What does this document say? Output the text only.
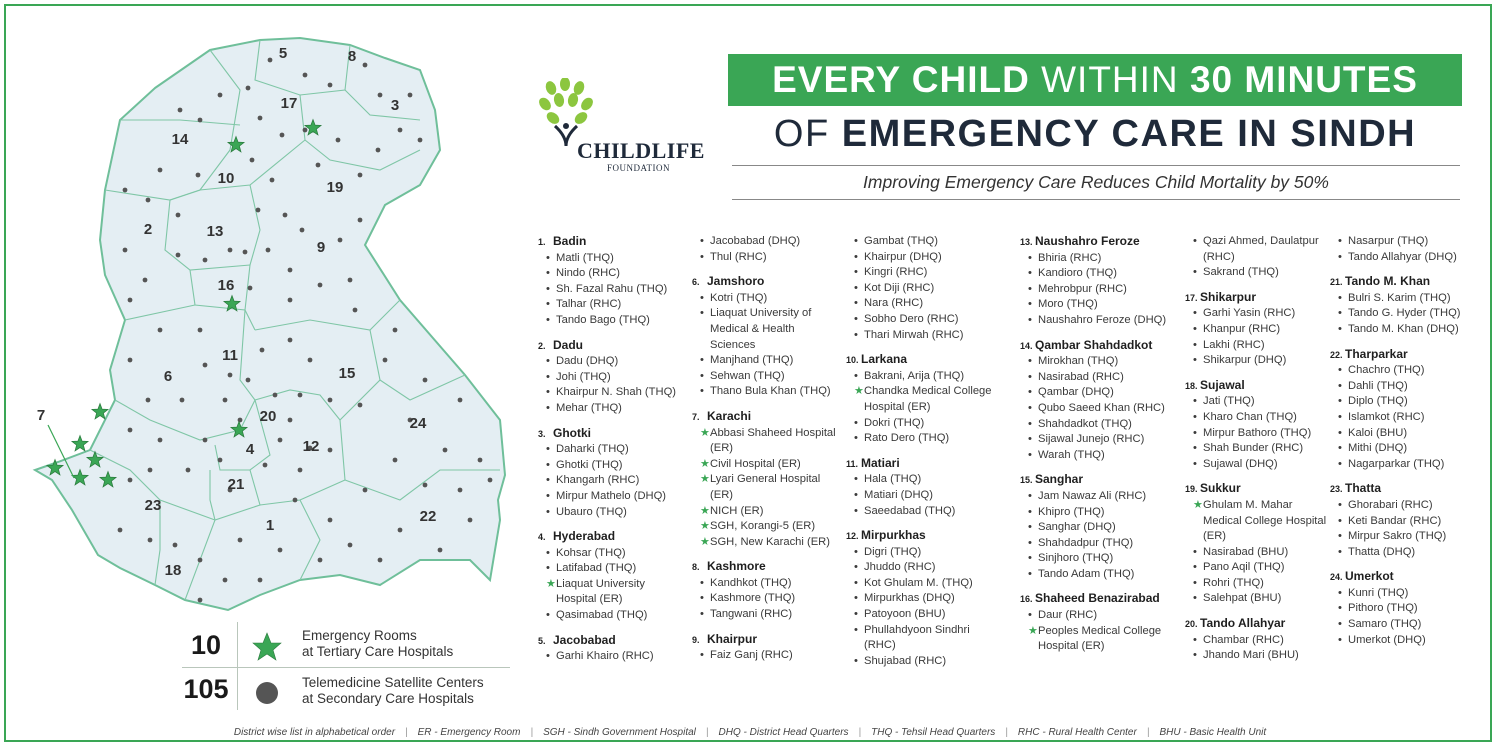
1
2
3
4
5
6
7
8
9
10
11
12
13
14
15
16
17
18
19
20
21
22
23
24
10	Emergency Rooms
at Tertiary Care Hospitals
105	Telemedicine Satellite Centers
at Secondary Care Hospitals
CHILDLIFE
FOUNDATION
EVERY CHILD WITHIN 30 MINUTES
OF EMERGENCY CARE IN SINDH
Improving Emergency Care Reduces Child Mortality by 50%
1. Badin
• Matli (THQ)
• Nindo (RHC)
• Sh. Fazal Rahu (THQ)
• Talhar (RHC)
• Tando Bago (THQ)
2. Dadu
• Dadu (DHQ)
• Johi (THQ)
• Khairpur N. Shah (THQ)
• Mehar (THQ)
3. Ghotki
• Daharki (THQ)
• Ghotki (THQ)
• Khangarh (RHC)
• Mirpur Mathelo (DHQ)
• Ubauro (THQ)
4. Hyderabad
• Kohsar (THQ)
• Latifabad (THQ)
★ Liaquat University Hospital (ER)
• Qasimabad (THQ)
5. Jacobabad
• Garhi Khairo (RHC)
• Jacobabad (DHQ)
• Thul (RHC)
6. Jamshoro
• Kotri (THQ)
• Liaquat University of Medical & Health Sciences
• Manjhand (THQ)
• Sehwan (THQ)
• Thano Bula Khan (THQ)
7. Karachi
★ Abbasi Shaheed Hospital (ER)
★ Civil Hospital (ER)
★ Lyari General Hospital (ER)
★ NICH (ER)
★ SGH, Korangi-5 (ER)
★ SGH, New Karachi (ER)
8. Kashmore
• Kandhkot (THQ)
• Kashmore (THQ)
• Tangwani (RHC)
9. Khairpur
• Faiz Ganj (RHC)
• Gambat (THQ)
• Khairpur (DHQ)
• Kingri (RHC)
• Kot Diji (RHC)
• Nara (RHC)
• Sobho Dero (RHC)
• Thari Mirwah (RHC)
10. Larkana
• Bakrani, Arija (THQ)
★ Chandka Medical College Hospital (ER)
• Dokri (THQ)
• Rato Dero (THQ)
11. Matiari
• Hala (THQ)
• Matiari (DHQ)
• Saeedabad (THQ)
12. Mirpurkhas
• Digri (THQ)
• Jhuddo (RHC)
• Kot Ghulam M. (THQ)
• Mirpurkhas (DHQ)
• Patoyoon (BHU)
• Phullahdyoon Sindhri (RHC)
• Shujabad (RHC)
13. Naushahro Feroze
• Bhiria (RHC)
• Kandioro (THQ)
• Mehrobpur (RHC)
• Moro (THQ)
• Naushahro Feroze (DHQ)
14. Qambar Shahdadkot
• Mirokhan (THQ)
• Nasirabad (RHC)
• Qambar (DHQ)
• Qubo Saeed Khan (RHC)
• Shahdadkot (THQ)
• Sijawal Junejo (RHC)
• Warah (THQ)
15. Sanghar
• Jam Nawaz Ali (RHC)
• Khipro (THQ)
• Sanghar (DHQ)
• Shahdadpur (THQ)
• Sinjhoro (THQ)
• Tando Adam (THQ)
16. Shaheed Benazirabad
• Daur (RHC)
★ Peoples Medical College Hospital (ER)
• Qazi Ahmed, Daulatpur (RHC)
• Sakrand (THQ)
17. Shikarpur
• Garhi Yasin (RHC)
• Khanpur (RHC)
• Lakhi (RHC)
• Shikarpur (DHQ)
18. Sujawal
• Jati (THQ)
• Kharo Chan (THQ)
• Mirpur Bathoro (THQ)
• Shah Bunder (RHC)
• Sujawal (DHQ)
19. Sukkur
★ Ghulam M. Mahar Medical College Hospital (ER)
• Nasirabad (BHU)
• Pano Aqil (THQ)
• Rohri (THQ)
• Salehpat (BHU)
20. Tando Allahyar
• Chambar (RHC)
• Jhando Mari (BHU)
• Nasarpur (THQ)
• Tando Allahyar (DHQ)
21. Tando M. Khan
• Bulri S. Karim (THQ)
• Tando G. Hyder (THQ)
• Tando M. Khan (DHQ)
22. Tharparkar
• Chachro (THQ)
• Dahli (THQ)
• Diplo (THQ)
• Islamkot (RHC)
• Kaloi (BHU)
• Mithi (DHQ)
• Nagarparkar (THQ)
23. Thatta
• Ghorabari (RHC)
• Keti Bandar (RHC)
• Mirpur Sakro (THQ)
• Thatta (DHQ)
24. Umerkot
• Kunri (THQ)
• Pithoro (THQ)
• Samaro (THQ)
• Umerkot (DHQ)
District wise list in alphabetical order | ER - Emergency Room | SGH - Sindh Government Hospital | DHQ - District Head Quarters | THQ - Tehsil Head Quarters | RHC - Rural Health Center | BHU - Basic Health Unit
